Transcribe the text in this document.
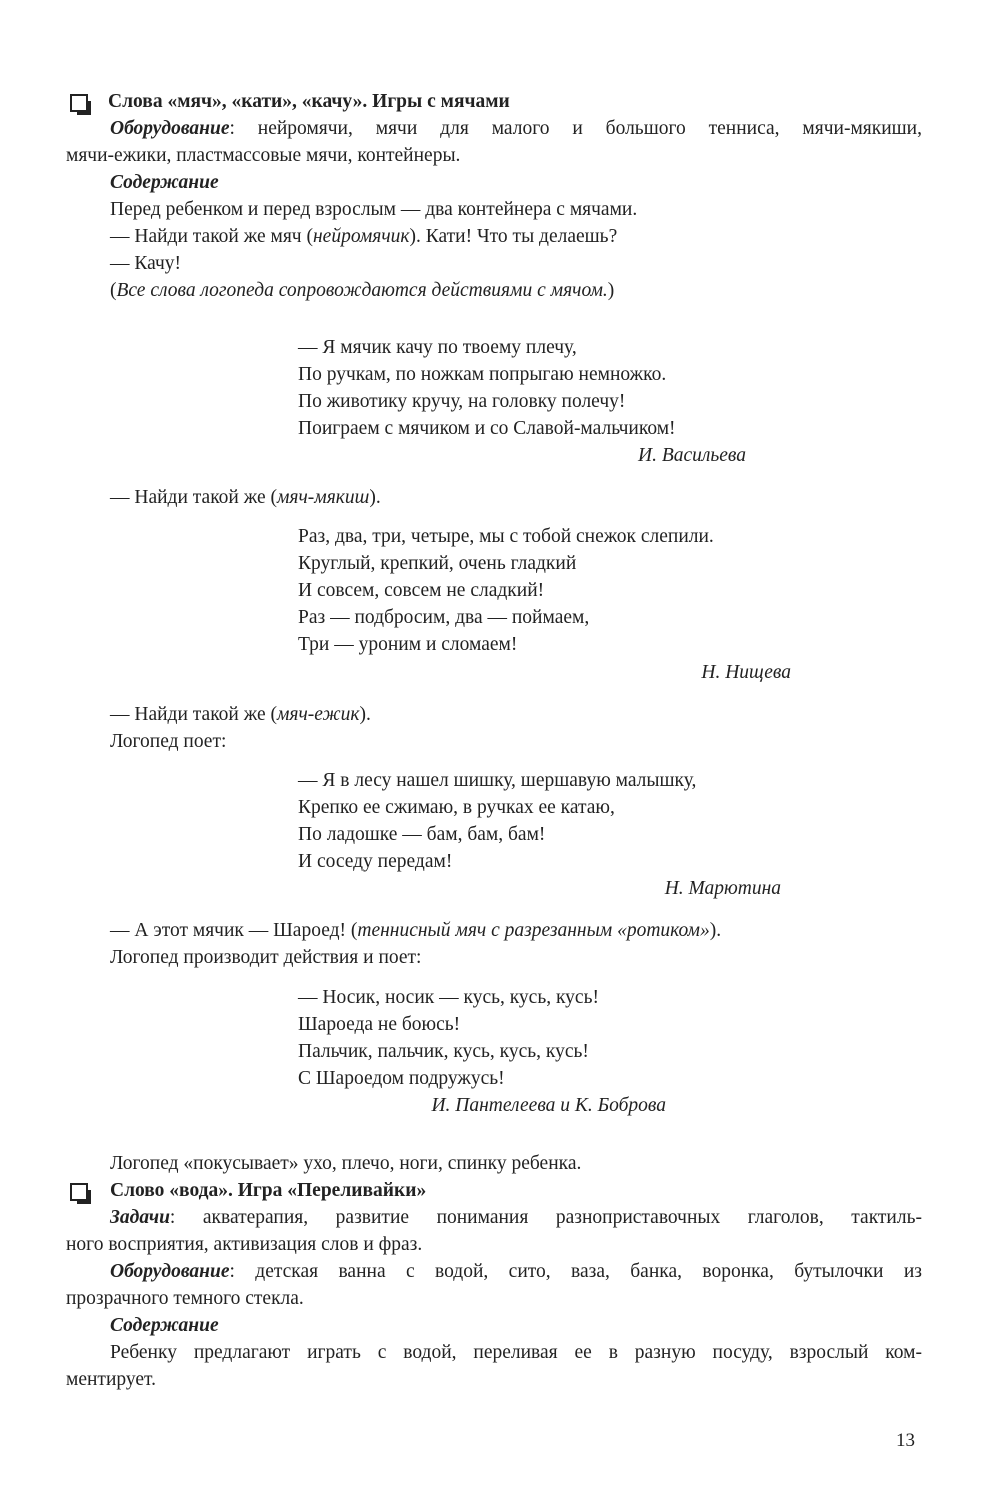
Слова «мяч», «кати», «качу». Игры с мячами
Оборудование: нейромячи, мячи для малого и большого тенниса, мячи-мякиши,
мячи-ежики, пластмассовые мячи, контейнеры.
Содержание
Перед ребенком и перед взрослым — два контейнера с мячами.
— Найди такой же мяч (нейромячик). Кати! Что ты делаешь?
— Качу!
(Все слова логопеда сопровождаются действиями с мячом.)
— Я мячик качу по твоему плечу,
По ручкам, по ножкам попрыгаю немножко.
По животику кручу, на головку полечу!
Поиграем с мячиком и со Славой-мальчиком!
И. Васильева
— Найди такой же (мяч-мякиш).
Раз, два, три, четыре, мы с тобой снежок слепили.
Круглый, крепкий, очень гладкий
И совсем, совсем не сладкий!
Раз — подбросим, два — поймаем,
Три — уроним и сломаем!
Н. Нищева
— Найди такой же (мяч-ежик).
Логопед поет:
— Я в лесу нашел шишку, шершавую малышку,
Крепко ее сжимаю, в ручках ее катаю,
По ладошке — бам, бам, бам!
И соседу передам!
Н. Марютина
— А этот мячик — Шароед! (теннисный мяч с разрезанным «ротиком»).
Логопед производит действия и поет:
— Носик, носик — кусь, кусь, кусь!
Шароеда не боюсь!
Пальчик, пальчик, кусь, кусь, кусь!
С Шароедом подружусь!
И. Пантелеева и К. Боброва
Логопед «покусывает» ухо, плечо, ноги, спинку ребенка.
Слово «вода». Игра «Переливайки»
Задачи: акватерапия, развитие понимания разноприставочных глаголов, тактиль-
ного восприятия, активизация слов и фраз.
Оборудование: детская ванна с водой, сито, ваза, банка, воронка, бутылочки из
прозрачного темного стекла.
Содержание
Ребенку предлагают играть с водой, переливая ее в разную посуду, взрослый ком-
ментирует.
13
